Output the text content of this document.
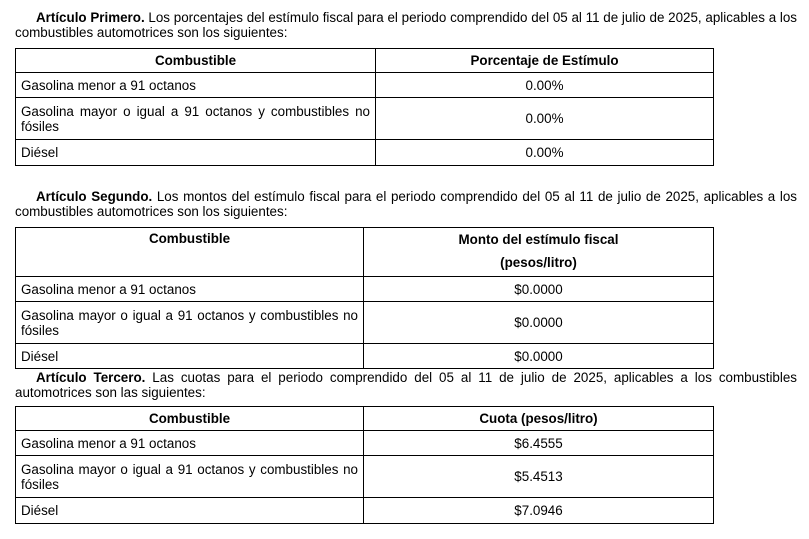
Artículo Primero. Los porcentajes del estímulo fiscal para el periodo comprendido del 05 al 11 de julio de 2025, aplicables a los combustibles automotrices son los siguientes:

Combustible	Porcentaje de Estímulo
Gasolina menor a 91 octanos	0.00%
Gasolina mayor o igual a 91 octanos y combustibles no fósiles	0.00%
Diésel	0.00%

Artículo Segundo. Los montos del estímulo fiscal para el periodo comprendido del 05 al 11 de julio de 2025, aplicables a los combustibles automotrices son los siguientes:

Combustible	Monto del estímulo fiscal
(pesos/litro)

Gasolina menor a 91 octanos	$0.0000
Gasolina mayor o igual a 91 octanos y combustibles no fósiles	$0.0000
Diésel	$0.0000

Artículo Tercero. Las cuotas para el periodo comprendido del 05 al 11 de julio de 2025, aplicables a los combustibles automotrices son las siguientes:

Combustible	Cuota (pesos/litro)
Gasolina menor a 91 octanos	$6.4555
Gasolina mayor o igual a 91 octanos y combustibles no fósiles	$5.4513
Diésel	$7.0946
